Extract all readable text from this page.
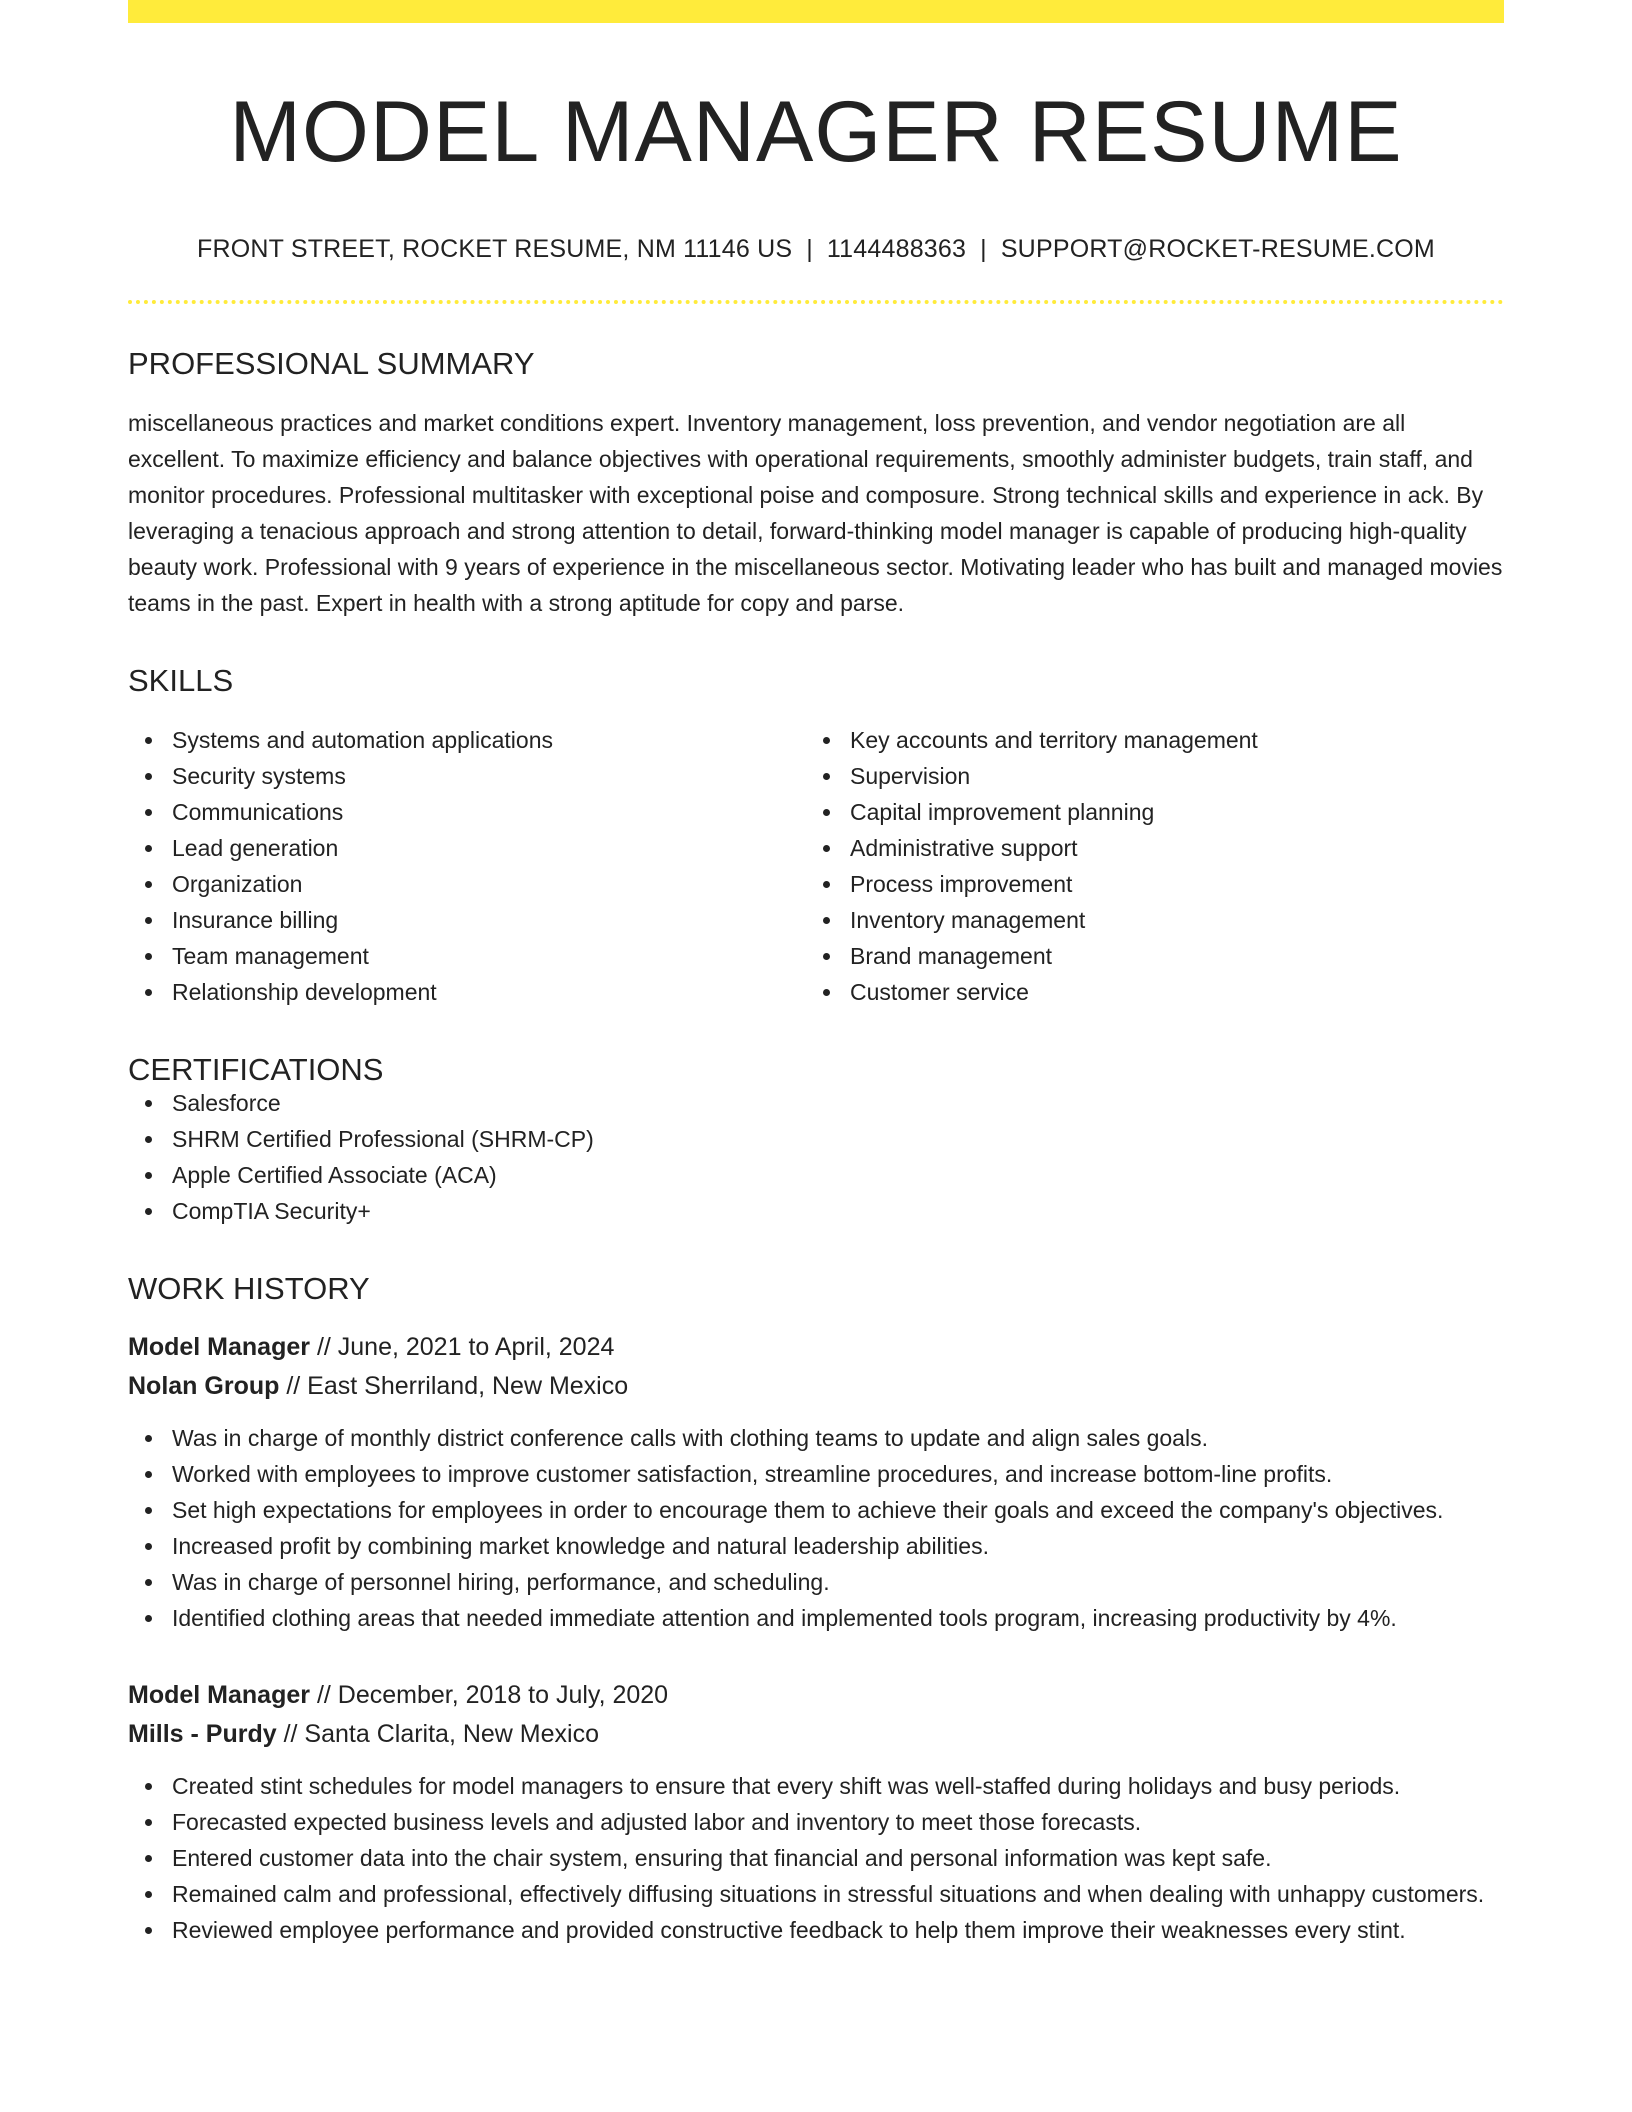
MODEL MANAGER RESUME
FRONT STREET, ROCKET RESUME, NM 11146 US | 1144488363 | SUPPORT@ROCKET-RESUME.COM
PROFESSIONAL SUMMARY

miscellaneous practices and market conditions expert. Inventory management, loss prevention, and vendor negotiation are all excellent. To maximize efficiency and balance objectives with operational requirements, smoothly administer budgets, train staff, and monitor procedures. Professional multitasker with exceptional poise and composure. Strong technical skills and experience in ack. By leveraging a tenacious approach and strong attention to detail, forward-thinking model manager is capable of producing high-quality beauty work. Professional with 9 years of experience in the miscellaneous sector. Motivating leader who has built and managed movies teams in the past. Expert in health with a strong aptitude for copy and parse.

SKILLS
Systems and automation applications
Security systems
Communications
Lead generation
Organization
Insurance billing
Team management
Relationship development
Key accounts and territory management
Supervision
Capital improvement planning
Administrative support
Process improvement
Inventory management
Brand management
Customer service
CERTIFICATIONS
Salesforce
SHRM Certified Professional (SHRM-CP)
Apple Certified Associate (ACA)
CompTIA Security+
WORK HISTORY
Model Manager // June, 2021 to April, 2024
Nolan Group // East Sherriland, New Mexico
Was in charge of monthly district conference calls with clothing teams to update and align sales goals.
Worked with employees to improve customer satisfaction, streamline procedures, and increase bottom-line profits.
Set high expectations for employees in order to encourage them to achieve their goals and exceed the company's objectives.
Increased profit by combining market knowledge and natural leadership abilities.
Was in charge of personnel hiring, performance, and scheduling.
Identified clothing areas that needed immediate attention and implemented tools program, increasing productivity by 4%.
Model Manager // December, 2018 to July, 2020
Mills - Purdy // Santa Clarita, New Mexico
Created stint schedules for model managers to ensure that every shift was well-staffed during holidays and busy periods.
Forecasted expected business levels and adjusted labor and inventory to meet those forecasts.
Entered customer data into the chair system, ensuring that financial and personal information was kept safe.
Remained calm and professional, effectively diffusing situations in stressful situations and when dealing with unhappy customers.
Reviewed employee performance and provided constructive feedback to help them improve their weaknesses every stint.
